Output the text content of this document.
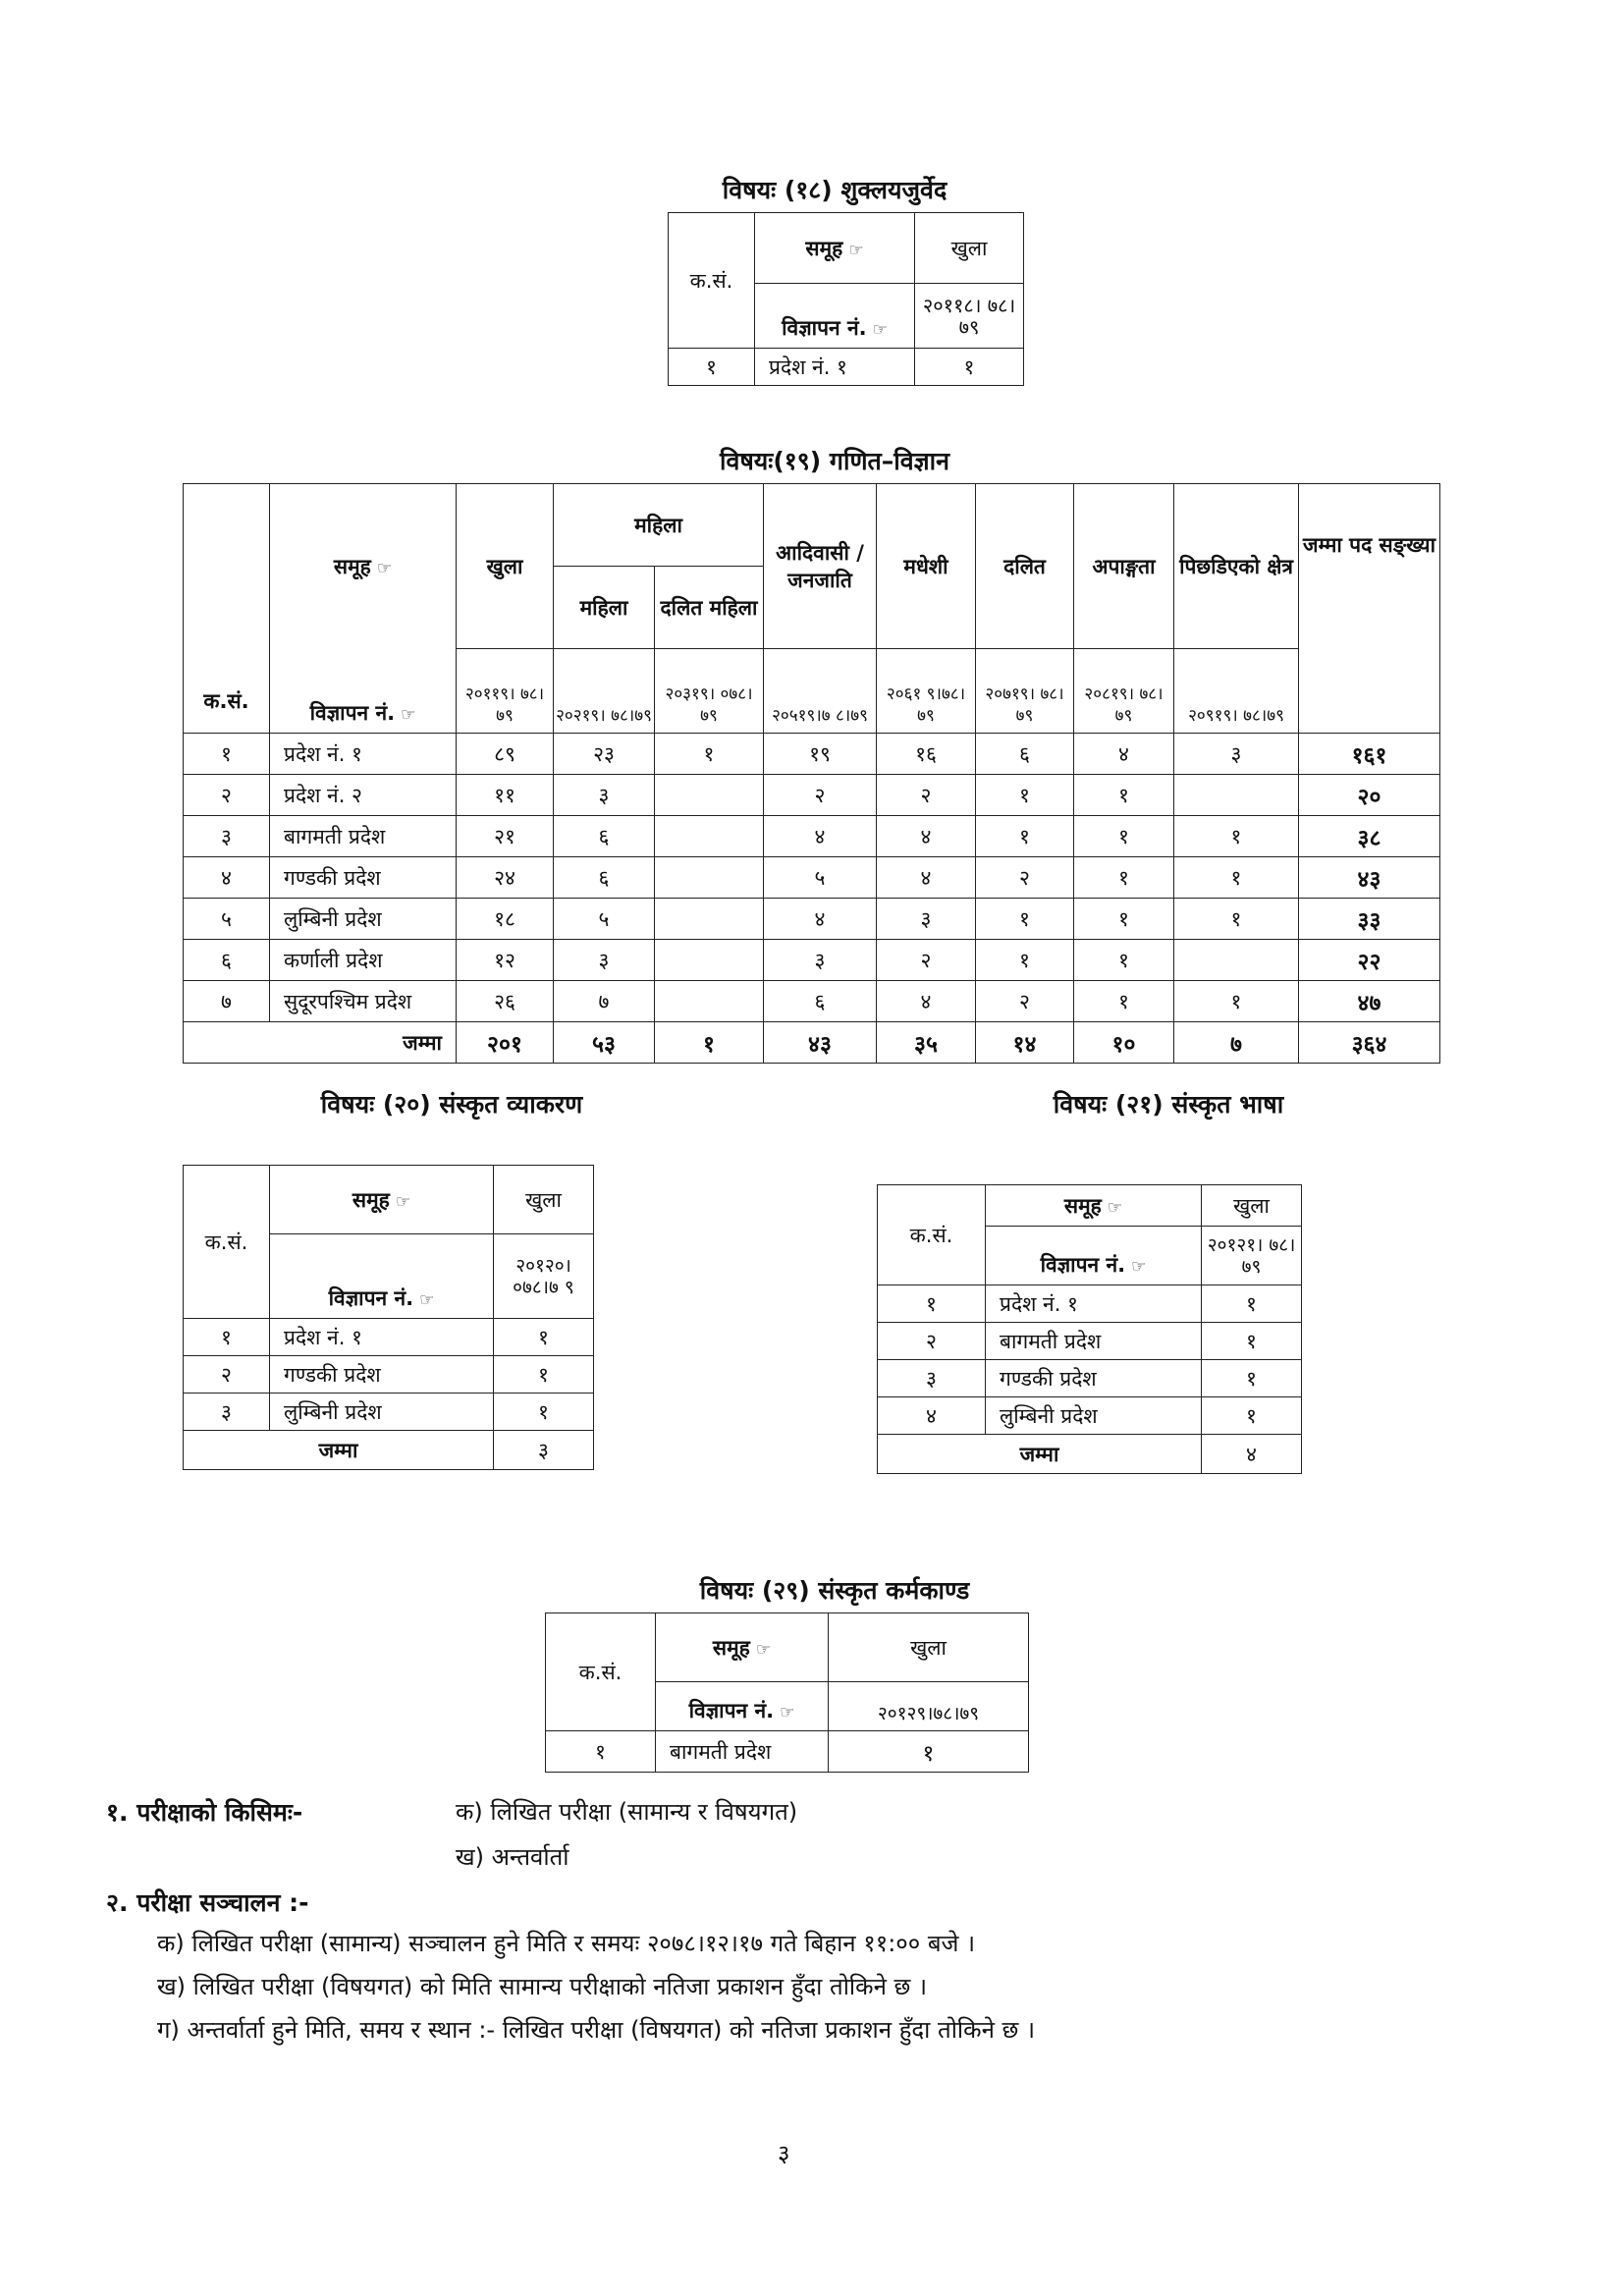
विषयः (१८) शुक्लयजुर्वेद
क.सं.	समूह ☞	खुला
	विज्ञापन नं. ☞	२०११८। ७८।७९
१	प्रदेश नं. १	१
विषयः(१९) गणित–विज्ञान
क.सं.	समूह ☞	खुला	महिला		आदिवासी / जनजाति	मधेशी	दलित	अपाङ्गता	पिछडिएको क्षेत्र	जम्मा पद सङ्ख्या
			महिला	दलित महिला						
	विज्ञापन नं. ☞	२०११९। ७८।७९	२०२१९। ७८।७९	२०३१९। ०७८।७९	२०५१९।७ ८।७९	२०६१ ९।७८। ७९	२०७१९। ७८।७९	२०८१९। ७८।७९	२०९१९। ७८।७९	
१	प्रदेश नं. १	८९	२३	१	१९	१६	६	४	३	१६१
२	प्रदेश नं. २	११	३		२	२	१	१		२०
३	बागमती प्रदेश	२१	६		४	४	१	१	१	३८
४	गण्डकी प्रदेश	२४	६		५	४	२	१	१	४३
५	लुम्बिनी प्रदेश	१८	५		४	३	१	१	१	३३
६	कर्णाली प्रदेश	१२	३		३	२	१	१		२२
७	सुदूरपश्चिम प्रदेश	२६	७		६	४	२	१	१	४७
जम्मा		२०१	५३	१	४३	३५	१४	१०	७	३६४
विषयः (२०) संस्कृत व्याकरण
क.सं.	समूह ☞	खुला
	विज्ञापन नं. ☞	२०१२०। ०७८।७ ९
१	प्रदेश नं. १	१
२	गण्डकी प्रदेश	१
३	लुम्बिनी प्रदेश	१
जम्मा		३
विषयः (२१) संस्कृत भाषा
क.सं.	समूह ☞	खुला
	विज्ञापन नं. ☞	२०१२१। ७८।७९
१	प्रदेश नं. १	१
२	बागमती प्रदेश	१
३	गण्डकी प्रदेश	१
४	लुम्बिनी प्रदेश	१
जम्मा		४
विषयः (२९) संस्कृत कर्मकाण्ड
क.सं.	समूह ☞	खुला
	विज्ञापन नं. ☞	२०१२९।७८।७९
१	बागमती प्रदेश	१
१. परीक्षाको किसिमः-	क) लिखित परीक्षा (सामान्य र विषयगत)
ख) अन्तर्वार्ता
२. परीक्षा सञ्चालन :-
क) लिखित परीक्षा (सामान्य) सञ्चालन हुने मिति र समयः २०७८।१२।१७ गते बिहान ११:०० बजे ।
ख) लिखित परीक्षा (विषयगत) को मिति सामान्य परीक्षाको नतिजा प्रकाशन हुँदा तोकिने छ ।
ग) अन्तर्वार्ता हुने मिति, समय र स्थान :- लिखित परीक्षा (विषयगत) को नतिजा प्रकाशन हुँदा तोकिने छ ।
३
